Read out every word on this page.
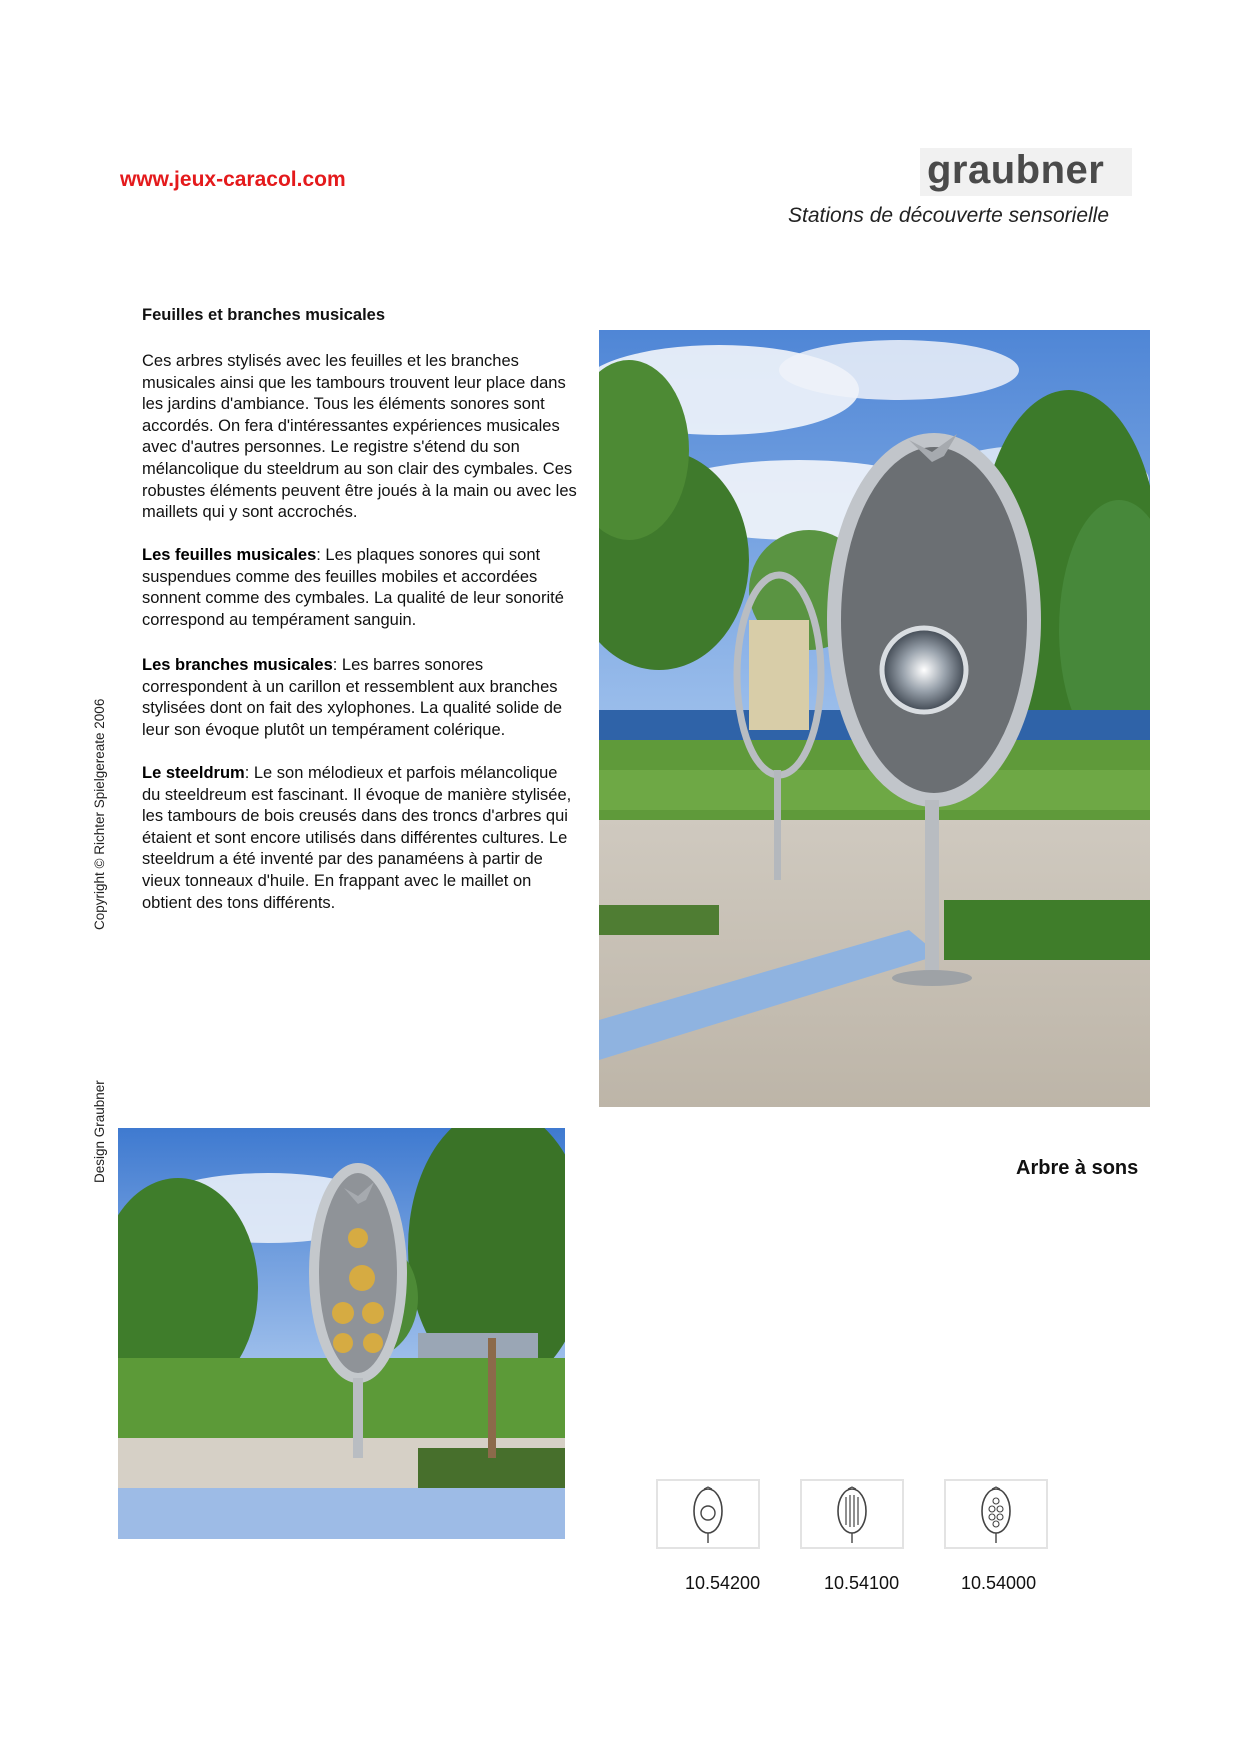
www.jeux-caracol.com	graubner
Stations de découverte sensorielle
Feuilles et branches musicales
Ces arbres stylisés avec les feuilles et les branches musicales ainsi que les tambours trouvent leur place dans les jardins d'ambiance. Tous les éléments sonores sont accordés. On fera d'intéressantes expériences musicales avec d'autres personnes. Le registre s'étend du son mélancolique du steeldrum au son clair des cymbales. Ces robustes éléments peuvent être joués à la main ou avec les maillets qui y sont accrochés.
Les feuilles musicales: Les plaques sonores qui sont suspendues comme des feuilles mobiles et accordées sonnent comme des cymbales. La qualité de leur sonorité correspond au tempérament sanguin.
Les branches musicales: Les barres sonores correspondent à un carillon et ressemblent aux branches stylisées dont on fait des xylophones. La qualité solide de leur son évoque plutôt un tempérament colérique.
Le steeldrum: Le son mélodieux et parfois mélancolique du steeldreum est fascinant. Il évoque de manière stylisée, les tambours de bois creusés dans des troncs d'arbres qui étaient et sont encore utilisés dans différentes cultures. Le steeldrum a été inventé par des panaméens à partir de vieux tonneaux d'huile. En frappant avec le maillet on obtient des tons différents.
Copyright © Richter Spielgereate 2006
Design Graubner	Arbre à sons
10.54200	10.54100	10.54000
